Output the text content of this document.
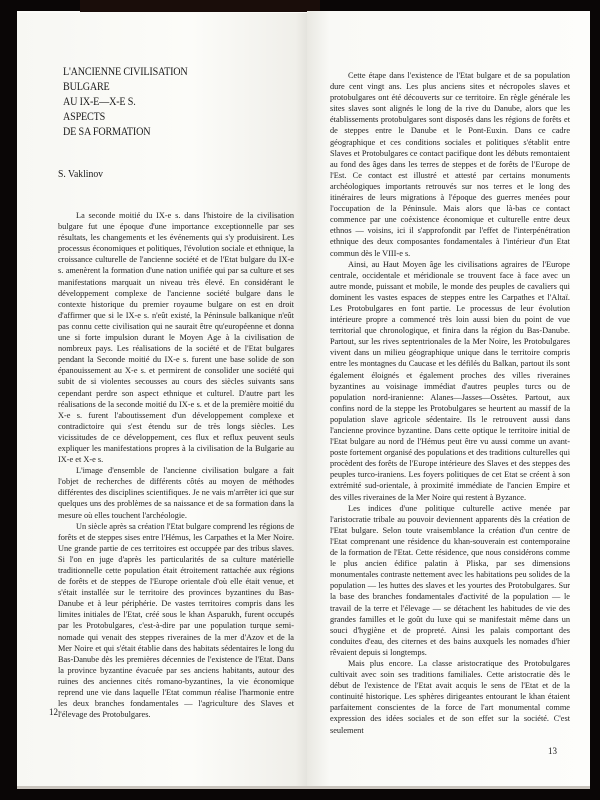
L'ANCIENNE CIVILISATION
BULGARE
AU IX-E—X-E S.
ASPECTS
DE SA FORMATION
S. Vaklinov

La seconde moitié du IX-e s. dans l'histoire de la civilisation bulgare fut une époque d'une importance exceptionnelle par ses résultats, les changements et les événements qui s'y produisirent. Les processus économiques et politiques, l'évolution sociale et ethnique, la croissance culturelle de l'ancienne société et de l'Etat bulgare du IX-e s. amenèrent la formation d'une nation unifiée qui par sa culture et ses manifestations marquait un niveau très élevé. En considérant le développement complexe de l'ancienne société bulgare dans le contexte historique du premier royaume bulgare on est en droit d'affirmer que si le IX-e s. n'eût existé, la Péninsule balkanique n'eût pas connu cette civilisation qui ne saurait être qu'européenne et donna une si forte impulsion durant le Moyen Age à la civilisation de nombreux pays. Les réalisations de la société et de l'Etat bulgares pendant la Seconde moitié du IX-e s. furent une base solide de son épanouissement au X-e s. et permirent de consolider une société qui subit de si violentes secousses au cours des siècles suivants sans cependant perdre son aspect ethnique et culturel. D'autre part les réalisations de la seconde moitié du IX-e s. et de la première moitié du X-e s. furent l'aboutissement d'un développement complexe et contradictoire qui s'est étendu sur de très longs siècles. Les vicissitudes de ce développement, ces flux et reflux peuvent seuls expliquer les manifestations propres à la civilisation de la Bulgarie au IX-e et X-e s.

L'image d'ensemble de l'ancienne civilisation bulgare a fait l'objet de recherches de différents côtés au moyen de méthodes différentes des disciplines scientifiques. Je ne vais m'arrêter ici que sur quelques uns des problèmes de sa naissance et de sa formation dans la mesure où elles touchent l'archéologie.

Un siècle après sa création l'Etat bulgare comprend les régions de forêts et de steppes sises entre l'Hémus, les Carpathes et la Mer Noire. Une grande partie de ces territoires est occuppée par des tribus slaves. Si l'on en juge d'après les particularités de sa culture matérielle traditionnelle cette population était étroitement rattachée aux régions de forêts et de steppes de l'Europe orientale d'où elle était venue, et s'était installée sur le territoire des provinces byzantines du Bas-Danube et à leur périphérie. De vastes territoires compris dans les limites initiales de l'Etat, créé sous le khan Asparukh, furent occupés par les Protobulgares, c'est-à-dire par une population turque semi-nomade qui venait des steppes riveraines de la mer d'Azov et de la Mer Noire et qui s'était établie dans des habitats sédentaires le long du Bas-Danube dès les premières décennies de l'existence de l'Etat. Dans la province byzantine évacuée par ses anciens habitants, autour des ruines des anciennes cités romano-byzantines, la vie économique reprend une vie dans laquelle l'Etat commun réalise l'harmonie entre les deux branches fondamentales — l'agriculture des Slaves et l'élevage des Protobulgares.

Cette étape dans l'existence de l'Etat bulgare et de sa population dure cent vingt ans. Les plus anciens sites et nécropoles slaves et protobulgares ont été découverts sur ce territoire. En règle générale les sites slaves sont alignés le long de la rive du Danube, alors que les établissements protobulgares sont disposés dans les régions de forêts et de steppes entre le Danube et le Pont-Euxin. Dans ce cadre géographique et ces conditions sociales et politiques s'établit entre Slaves et Protobulgares ce contact pacifique dont les débuts remontaient au fond des âges dans les terres de steppes et de forêts de l'Europe de l'Est. Ce contact est illustré et attesté par certains monuments archéologiques importants retrouvés sur nos terres et le long des itinéraires de leurs migrations à l'époque des guerres menées pour l'occupation de la Péninsule. Mais alors que là-bas ce contact commence par une coéxistence économique et culturelle entre deux ethnos — voisins, ici il s'approfondit par l'effet de l'interpénétration ethnique des deux composantes fondamentales à l'intérieur d'un Etat commun dès le VIII-e s.

Ainsi, au Haut Moyen âge les civilisations agraires de l'Europe centrale, occidentale et méridionale se trouvent face à face avec un autre monde, puissant et mobile, le monde des peuples de cavaliers qui dominent les vastes espaces de steppes entre les Carpathes et l'Altaï. Les Protobulgares en font partie. Le processus de leur évolution intérieure propre a commencé très loin aussi bien du point de vue territorial que chronologique, et finira dans la région du Bas-Danube. Partout, sur les rives septentrionales de la Mer Noire, les Protobulgares vivent dans un milieu géographique unique dans le territoire compris entre les montagnes du Caucase et les défilés du Balkan, partout ils sont également éloignés et également proches des villes riveraines byzantines au voisinage immédiat d'autres peuples turcs ou de population nord-iranienne: Alanes—Jasses—Ossètes. Partout, aux confins nord de la steppe les Protobulgares se heurtent au massif de la population slave agricole sédentaire. Ils le retrouvent aussi dans l'ancienne province byzantine. Dans cette optique le territoire initial de l'Etat bulgare au nord de l'Hémus peut être vu aussi comme un avant-poste fortement organisé des populations et des traditions culturelles qui procèdent des forêts de l'Europe intérieure des Slaves et des steppes des peuples turco-iraniens. Les foyers politiques de cet Etat se créent à son extrémité sud-orientale, à proximité immédiate de l'ancien Empire et des villes riveraines de la Mer Noire qui restent à Byzance.

Les indices d'une politique culturelle active menée par l'aristocratie tribale au pouvoir deviennent apparents dès la création de l'Etat bulgare. Selon toute vraisemblance la création d'un centre de l'Etat comprenant une résidence du khan-souverain est contemporaine de la formation de l'Etat. Cette résidence, que nous considérons comme le plus ancien édifice palatin à Pliska, par ses dimensions monumentales contraste nettement avec les habitations peu solides de la population — les huttes des slaves et les yourtes des Protobulgares. Sur la base des branches fondamentales d'activité de la population — le travail de la terre et l'élevage — se détachent les habitudes de vie des grandes familles et le goût du luxe qui se manifestait même dans un souci d'hygiène et de propreté. Ainsi les palais comportant des conduites d'eau, des citernes et des bains auxquels les nomades d'hier rêvaient depuis si longtemps.

Mais plus encore. La classe aristocratique des Protobulgares cultivait avec soin ses traditions familiales. Cette aristocratie dès le début de l'existence de l'Etat avait acquis le sens de l'Etat et de la continuité historique. Les sphères dirigeantes entourant le khan étaient parfaitement conscientes de la force de l'art monumental comme expression des idées sociales et de son effet sur la société. C'est seulement

12
13
